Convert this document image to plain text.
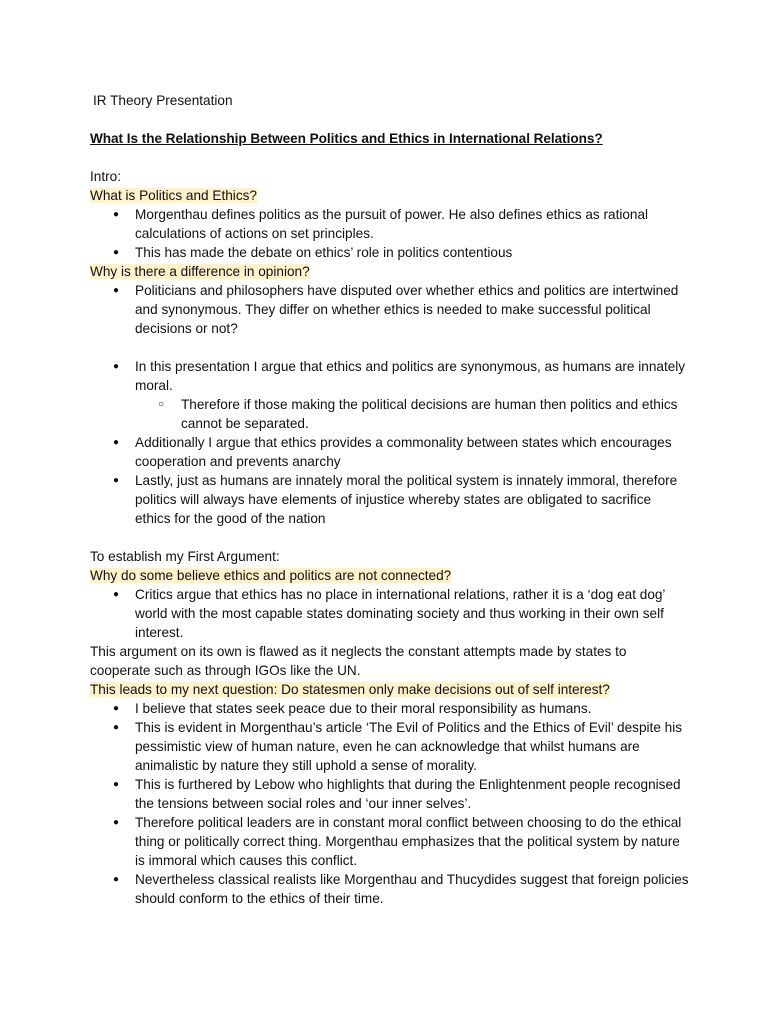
IR Theory Presentation

What Is the Relationship Between Politics and Ethics in International Relations?

Intro:

What is Politics and Ethics?

● Morgenthau defines politics as the pursuit of power. He also defines ethics as rational calculations of actions on set principles.
● This has made the debate on ethics’ role in politics contentious

Why is there a difference in opinion?

● Politicians and philosophers have disputed over whether ethics and politics are intertwined and synonymous. They differ on whether ethics is needed to make successful political decisions or not?
● In this presentation I argue that ethics and politics are synonymous, as humans are innately moral.
○ Therefore if those making the political decisions are human then politics and ethics cannot be separated.
● Additionally I argue that ethics provides a commonality between states which encourages cooperation and prevents anarchy
● Lastly, just as humans are innately moral the political system is innately immoral, therefore politics will always have elements of injustice whereby states are obligated to sacrifice ethics for the good of the nation

To establish my First Argument:

Why do some believe ethics and politics are not connected?

● Critics argue that ethics has no place in international relations, rather it is a ‘dog eat dog’ world with the most capable states dominating society and thus working in their own self interest.

This argument on its own is flawed as it neglects the constant attempts made by states to cooperate such as through IGOs like the UN.

This leads to my next question: Do statesmen only make decisions out of self interest?

● I believe that states seek peace due to their moral responsibility as humans.
● This is evident in Morgenthau’s article ‘The Evil of Politics and the Ethics of Evil’ despite his pessimistic view of human nature, even he can acknowledge that whilst humans are animalistic by nature they still uphold a sense of morality.
● This is furthered by Lebow who highlights that during the Enlightenment people recognised the tensions between social roles and ‘our inner selves’.
● Therefore political leaders are in constant moral conflict between choosing to do the ethical thing or politically correct thing. Morgenthau emphasizes that the political system by nature is immoral which causes this conflict.
● Nevertheless classical realists like Morgenthau and Thucydides suggest that foreign policies should conform to the ethics of their time.
